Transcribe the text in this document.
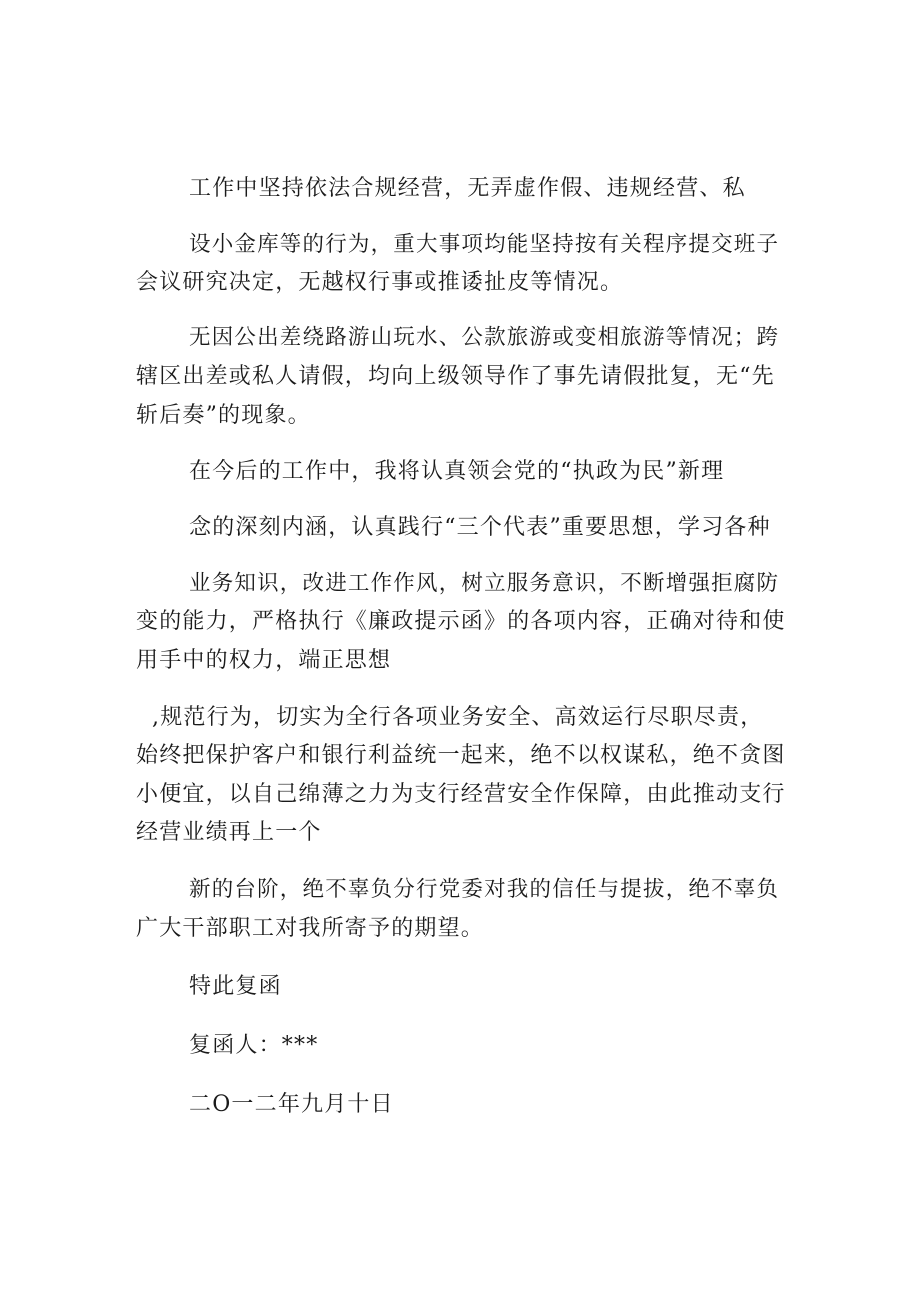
工作中坚持依法合规经营，无弄虚作假、违规经营、私

设小金库等的行为，重大事项均能坚持按有关程序提交班子

会议研究决定，无越权行事或推诿扯皮等情况。

无因公出差绕路游山玩水、公款旅游或变相旅游等情况；跨

辖区出差或私人请假，均向上级领导作了事先请假批复，无“先

斩后奏”的现象。

在今后的工作中，我将认真领会党的“执政为民”新理

念的深刻内涵，认真践行“三个代表”重要思想，学习各种

业务知识，改进工作作风，树立服务意识，不断增强拒腐防

变的能力，严格执行《廉政提示函》的各项内容，正确对待和使

用手中的权力，端正思想

,规范行为，切实为全行各项业务安全、高效运行尽职尽责，

始终把保护客户和银行利益统一起来，绝不以权谋私，绝不贪图

小便宜，以自己绵薄之力为支行经营安全作保障，由此推动支行

经营业绩再上一个

新的台阶，绝不辜负分行党委对我的信任与提拔，绝不辜负

广大干部职工对我所寄予的期望。

特此复函

复函人：***

二O一二年九月十日
